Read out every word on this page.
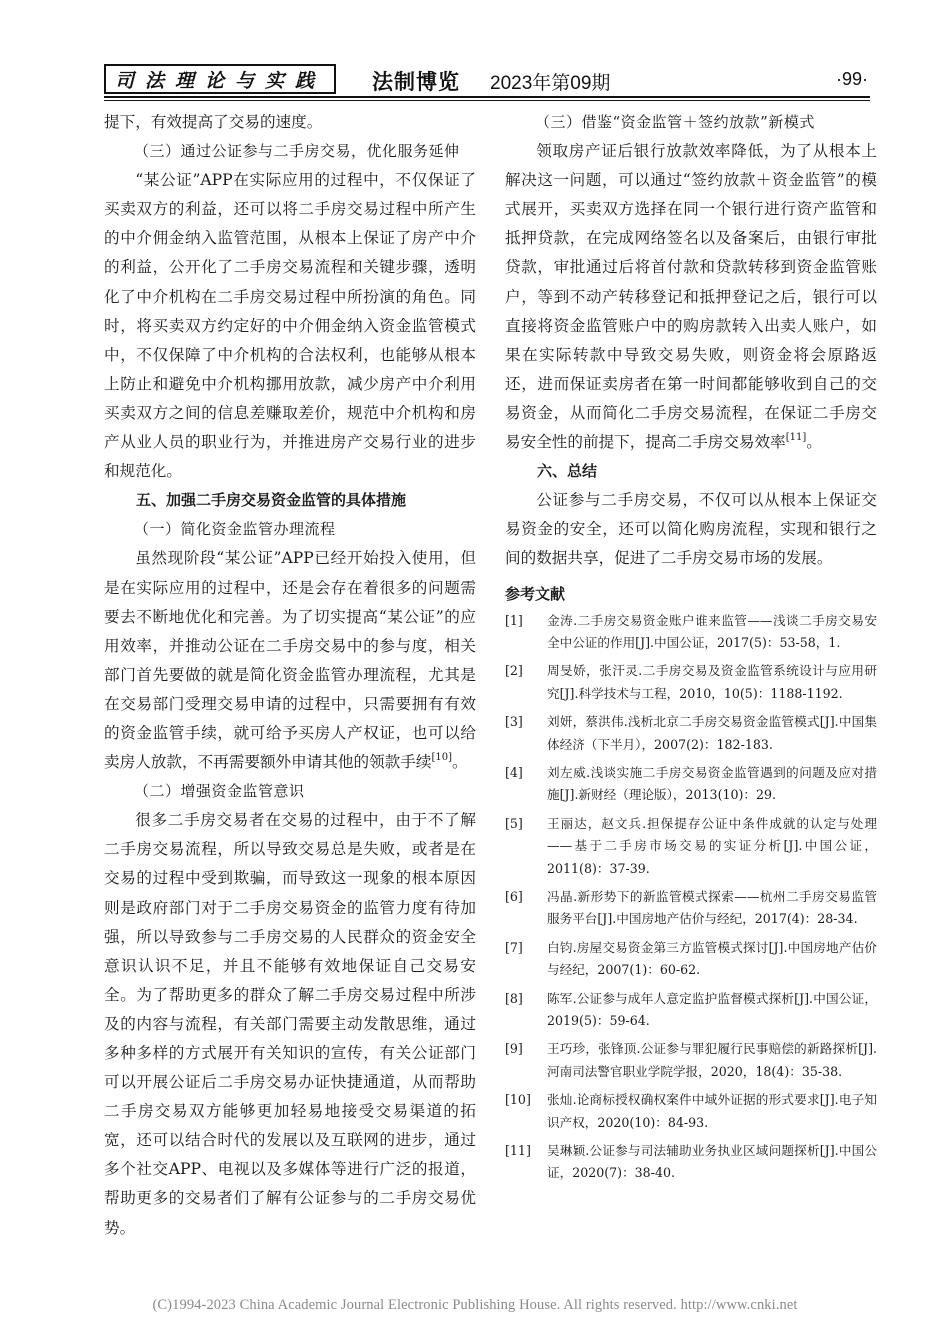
司法理论与实践 法制博览 2023年第09期	·99·

提下，有效提高了交易的速度。

（三）通过公证参与二手房交易，优化服务延伸

“某公证”APP在实际应用的过程中，不仅保证了买卖双方的利益，还可以将二手房交易过程中所产生的中介佣金纳入监管范围，从根本上保证了房产中介的利益，公开化了二手房交易流程和关键步骤，透明化了中介机构在二手房交易过程中所扮演的角色。同时，将买卖双方约定好的中介佣金纳入资金监管模式中，不仅保障了中介机构的合法权利，也能够从根本上防止和避免中介机构挪用放款，减少房产中介利用买卖双方之间的信息差赚取差价，规范中介机构和房产从业人员的职业行为，并推进房产交易行业的进步和规范化。

五、加强二手房交易资金监管的具体措施

（一）简化资金监管办理流程

虽然现阶段“某公证”APP已经开始投入使用，但是在实际应用的过程中，还是会存在着很多的问题需要去不断地优化和完善。为了切实提高“某公证”的应用效率，并推动公证在二手房交易中的参与度，相关部门首先要做的就是简化资金监管办理流程，尤其是在交易部门受理交易申请的过程中，只需要拥有有效的资金监管手续，就可给予买房人产权证，也可以给卖房人放款，不再需要额外申请其他的领款手续[10]。

（二）增强资金监管意识

很多二手房交易者在交易的过程中，由于不了解二手房交易流程，所以导致交易总是失败，或者是在交易的过程中受到欺骗，而导致这一现象的根本原因则是政府部门对于二手房交易资金的监管力度有待加强，所以导致参与二手房交易的人民群众的资金安全意识认识不足，并且不能够有效地保证自己交易安全。为了帮助更多的群众了解二手房交易过程中所涉及的内容与流程，有关部门需要主动发散思维，通过多种多样的方式展开有关知识的宣传，有关公证部门可以开展公证后二手房交易办证快捷通道，从而帮助二手房交易双方能够更加轻易地接受交易渠道的拓宽，还可以结合时代的发展以及互联网的进步，通过多个社交APP、电视以及多媒体等进行广泛的报道，帮助更多的交易者们了解有公证参与的二手房交易优势。

（三）借鉴“资金监管＋签约放款”新模式

领取房产证后银行放款效率降低，为了从根本上解决这一问题，可以通过“签约放款＋资金监管”的模式展开，买卖双方选择在同一个银行进行资产监管和抵押贷款，在完成网络签名以及备案后，由银行审批贷款，审批通过后将首付款和贷款转移到资金监管账户，等到不动产转移登记和抵押登记之后，银行可以直接将资金监管账户中的购房款转入出卖人账户，如果在实际转款中导致交易失败，则资金将会原路返还，进而保证卖房者在第一时间都能够收到自己的交易资金，从而简化二手房交易流程，在保证二手房交易安全性的前提下，提高二手房交易效率[11]。

六、总结

公证参与二手房交易，不仅可以从根本上保证交易资金的安全，还可以简化购房流程，实现和银行之间的数据共享，促进了二手房交易市场的发展。

参考文献

[1]	金涛.二手房交易资金账户谁来监管——浅谈二手房交易安全中公证的作用[J].中国公证，2017(5)：53-58，1.
[2]	周旻娇，张汗灵.二手房交易及资金监管系统设计与应用研究[J].科学技术与工程，2010，10(5)：1188-1192.
[3]	刘妍，蔡洪伟.浅析北京二手房交易资金监管模式[J].中国集体经济（下半月），2007(2)：182-183.
[4]	刘左威.浅谈实施二手房交易资金监管遇到的问题及应对措施[J].新财经（理论版），2013(10)：29.
[5]	王丽达，赵文兵.担保提存公证中条件成就的认定与处理——基于二手房市场交易的实证分析[J].中国公证，2011(8)：37-39.
[6]	冯晶.新形势下的新监管模式探索——杭州二手房交易监管服务平台[J].中国房地产估价与经纪，2017(4)：28-34.
[7]	白钧.房屋交易资金第三方监管模式探讨[J].中国房地产估价与经纪，2007(1)：60-62.
[8]	陈军.公证参与成年人意定监护监督模式探析[J].中国公证，2019(5)：59-64.
[9]	王巧珍，张锋顶.公证参与罪犯履行民事赔偿的新路探析[J].河南司法警官职业学院学报，2020，18(4)：35-38.
[10]	张灿.论商标授权确权案件中域外证据的形式要求[J].电子知识产权，2020(10)：84-93.
[11]	吴琳颖.公证参与司法辅助业务执业区域问题探析[J].中国公证，2020(7)：38-40.
(C)1994-2023 China Academic Journal Electronic Publishing House. All rights reserved. http://www.cnki.net
